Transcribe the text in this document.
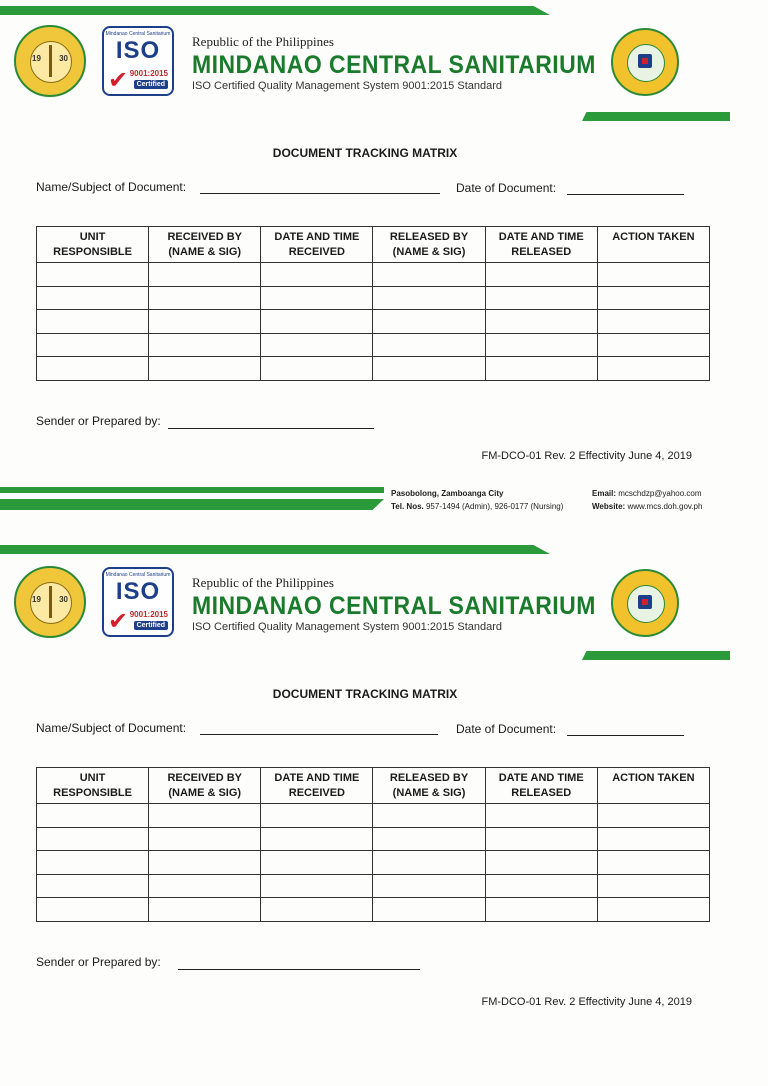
19 30
Mindanao Central Sanitarium
ISO
✔ 9001:2015
Certified
Republic of the Philippines
MINDANAO CENTRAL SANITARIUM
ISO Certified Quality Management System 9001:2015 Standard
DOCUMENT TRACKING MATRIX
Name/Subject of Document:	Date of Document:
UNIT RESPONSIBLE	RECEIVED BY (NAME & SIG)	DATE AND TIME RECEIVED	RELEASED BY (NAME & SIG)	DATE AND TIME RELEASED	ACTION TAKEN

Sender or Prepared by:
FM-DCO-01 Rev. 2 Effectivity June 4, 2019
Pasobolong, Zamboanga City
Tel. Nos. 957-1494 (Admin), 926-0177 (Nursing)
Email: mcschdzp@yahoo.com
Website: www.mcs.doh.gov.ph
19 30
Mindanao Central Sanitarium
ISO
✔ 9001:2015
Certified
Republic of the Philippines
MINDANAO CENTRAL SANITARIUM
ISO Certified Quality Management System 9001:2015 Standard
DOCUMENT TRACKING MATRIX
Name/Subject of Document:	Date of Document:
UNIT RESPONSIBLE	RECEIVED BY (NAME & SIG)	DATE AND TIME RECEIVED	RELEASED BY (NAME & SIG)	DATE AND TIME RELEASED	ACTION TAKEN

Sender or Prepared by:
FM-DCO-01 Rev. 2 Effectivity June 4, 2019
